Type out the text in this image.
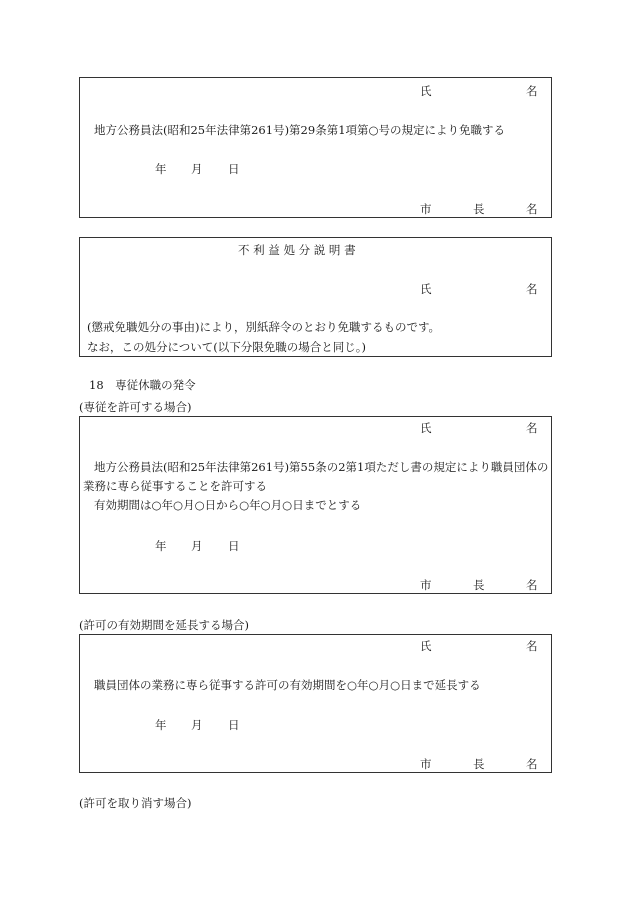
氏	名
地方公務員法(昭和25年法律第261号)第29条第1項第○号の規定により免職する
年 月 日
市	長	名
不 利 益 処 分 説 明 書
氏	名
(懲戒免職処分の事由)により，別紙辞令のとおり免職するものです。
なお，この処分について(以下分限免職の場合と同じ。)
18　専従休職の発令
(専従を許可する場合)
氏	名
地方公務員法(昭和25年法律第261号)第55条の2第1項ただし書の規定により職員団体の
業務に専ら従事することを許可する
有効期間は○年○月○日から○年○月○日までとする
年 月 日
市	長	名
(許可の有効期間を延長する場合)
氏	名
職員団体の業務に専ら従事する許可の有効期間を○年○月○日まで延長する
年 月 日
市	長	名
(許可を取り消す場合)
